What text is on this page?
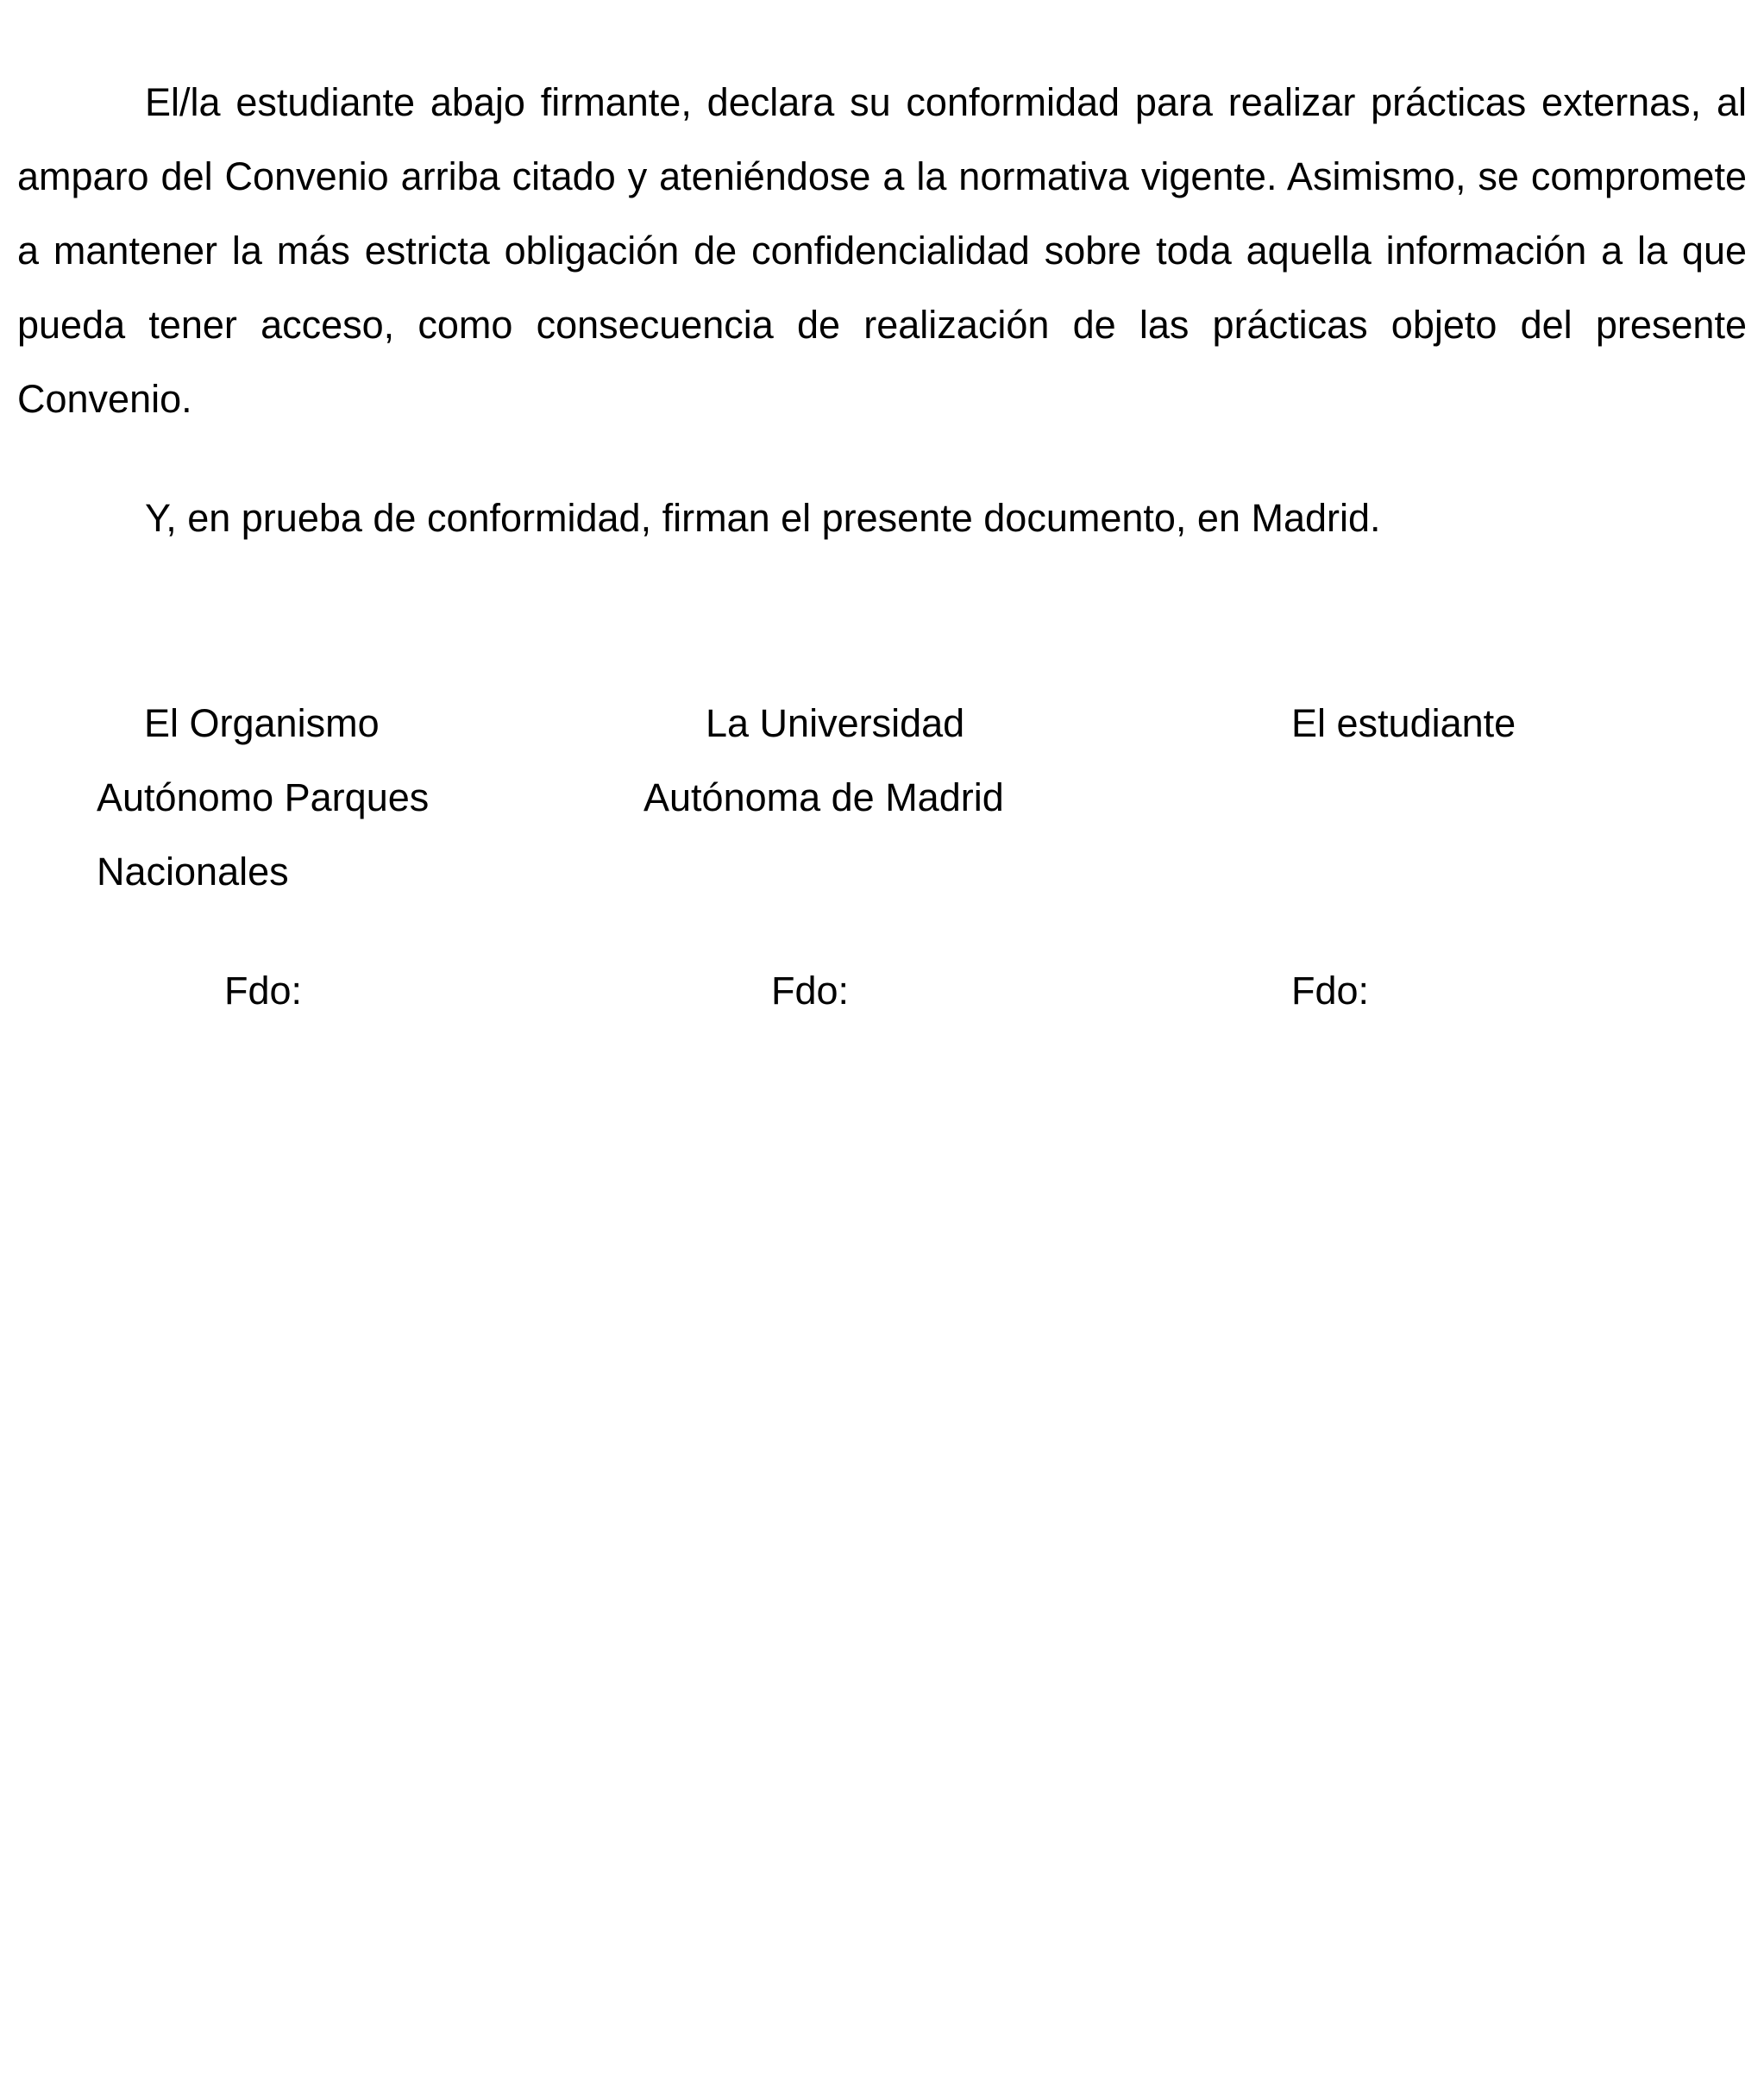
El/la estudiante abajo firmante, declara su conformidad para realizar prácticas externas, al amparo del Convenio arriba citado y ateniéndose a la normativa vigente. Asimismo, se compromete a mantener la más estricta obligación de confidencialidad sobre toda aquella información a la que pueda tener acceso, como consecuencia de realización de las prácticas objeto del presente Convenio.

Y, en prueba de conformidad, firman el presente documento, en Madrid.

El Organismo
Autónomo Parques
Nacionales
Fdo:
La Universidad
Autónoma de Madrid
Fdo:
El estudiante
Fdo:
